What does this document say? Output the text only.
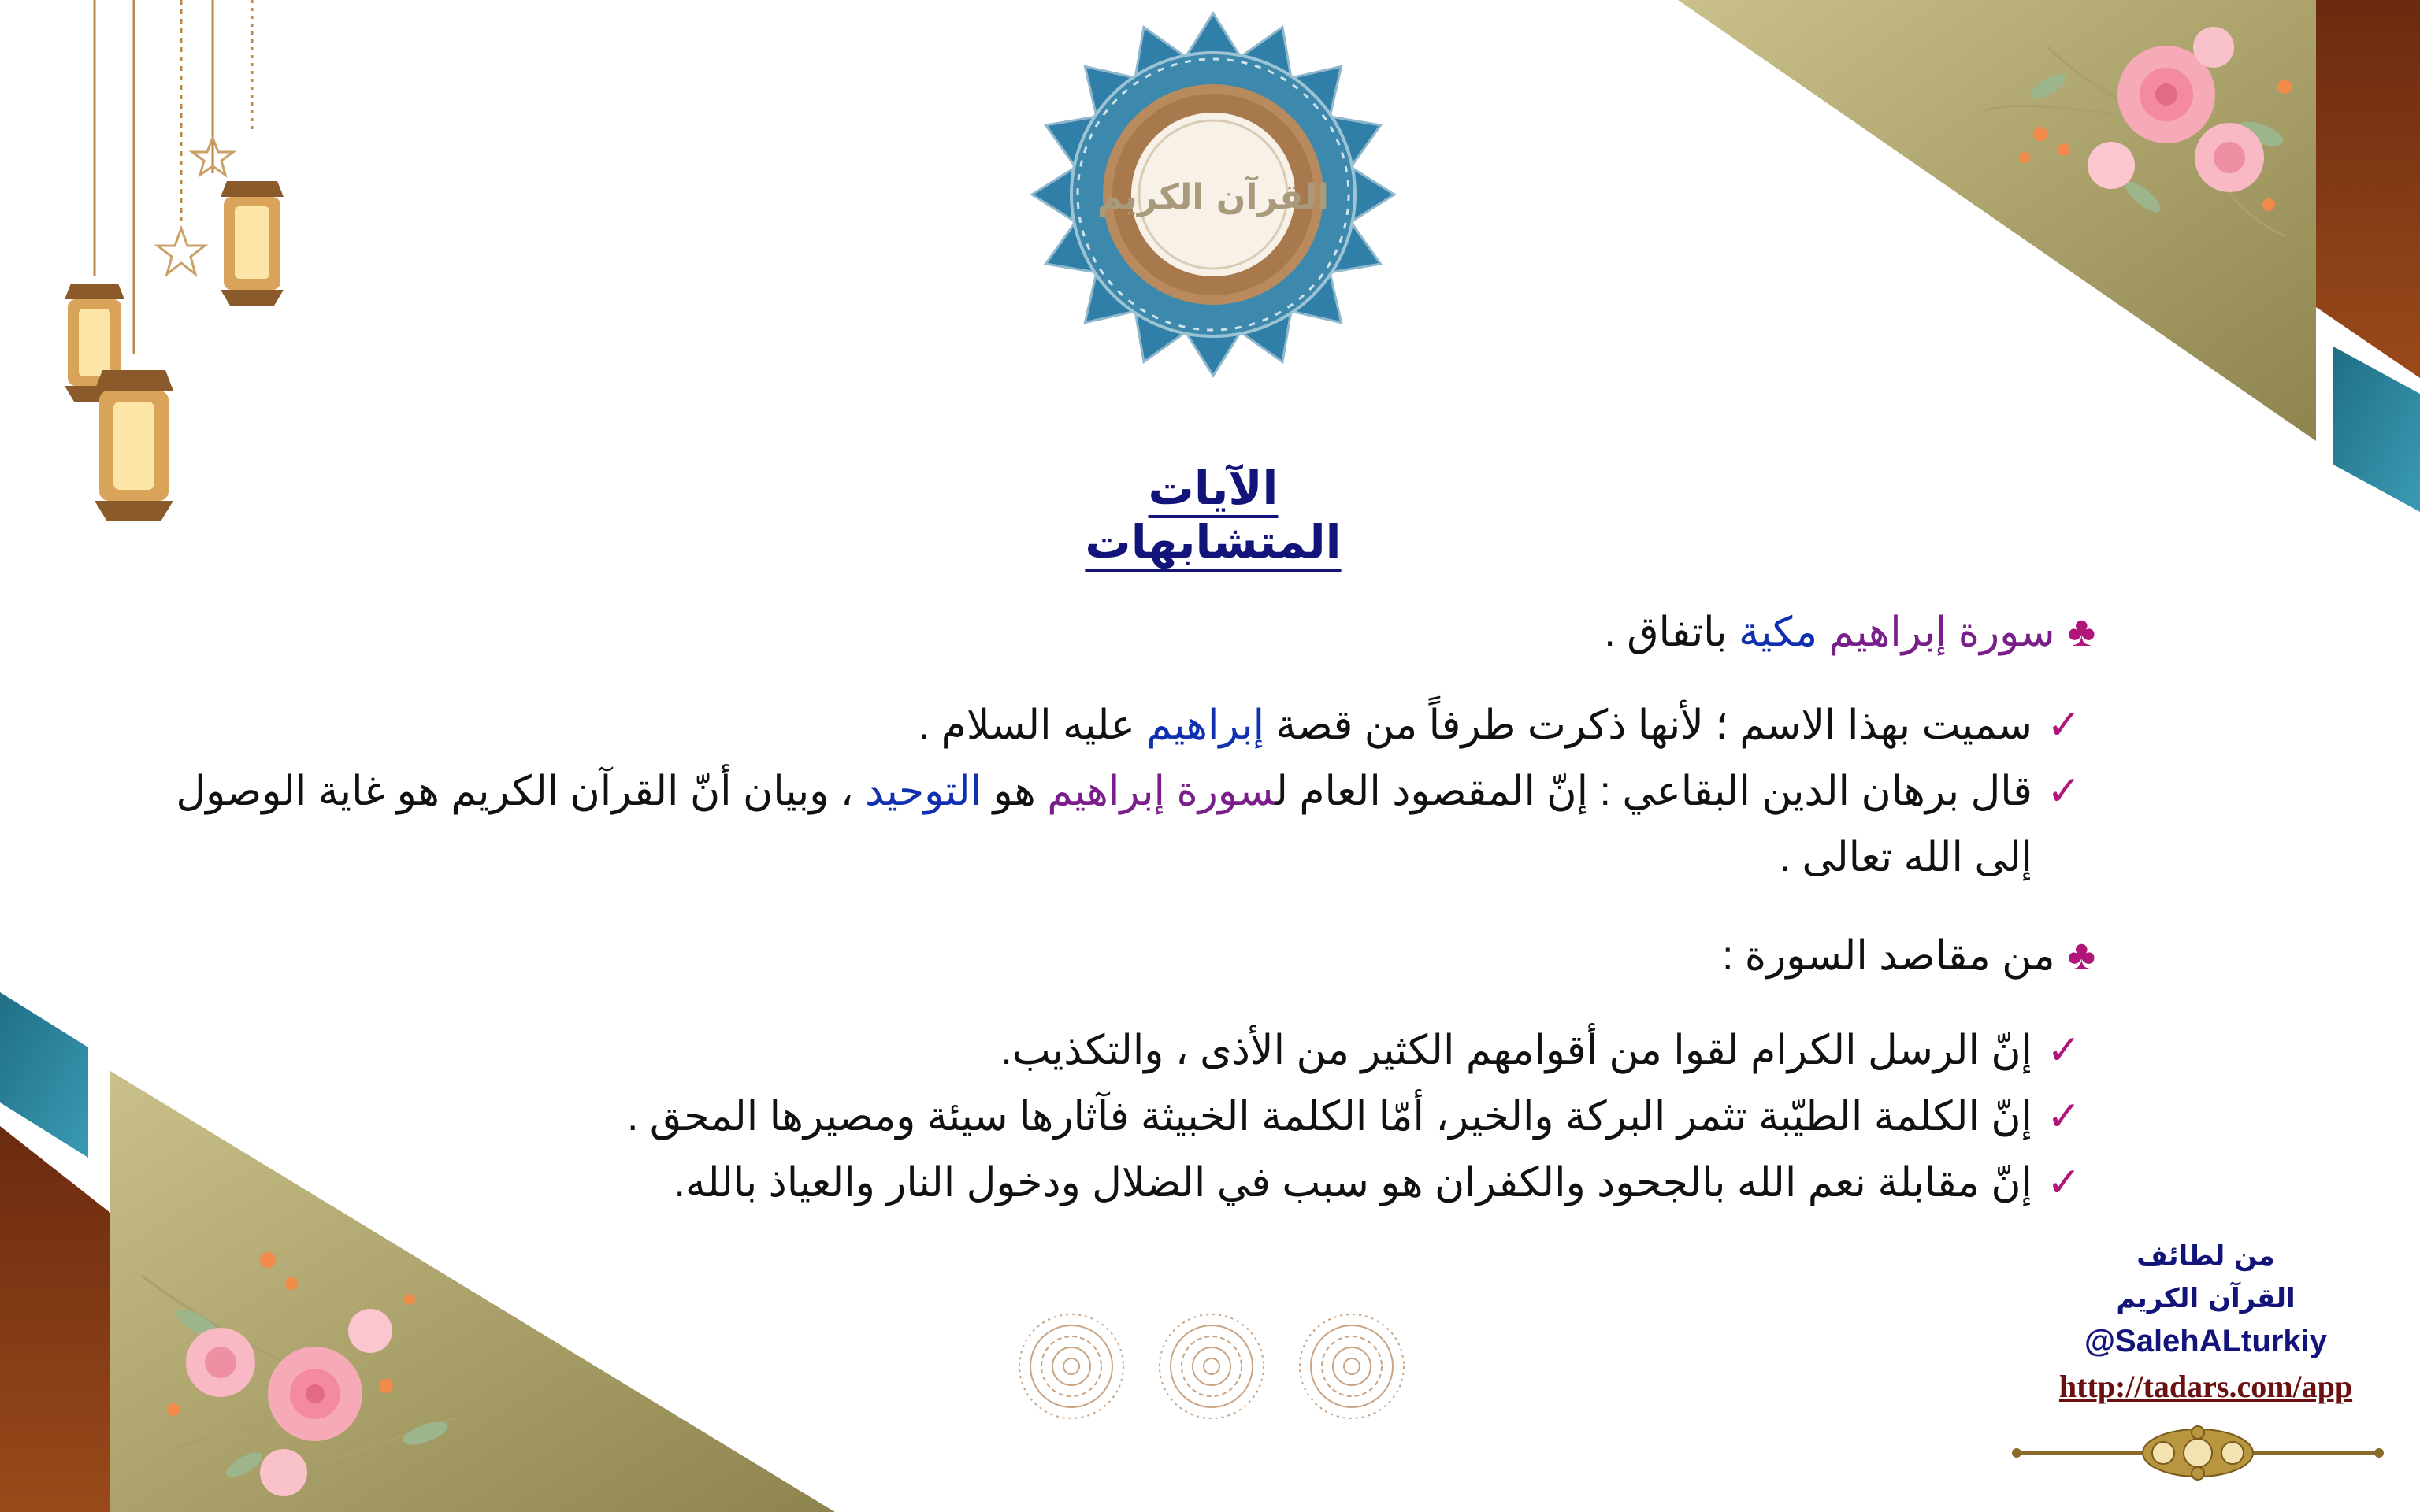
القرآن الكريم
الآيات المتشابهات
♣
سورة إبراهيم مكية باتفاق .
✓
سميت بهذا الاسم ؛ لأنها ذكرت طرفاً من قصة إبراهيم عليه السلام .
✓
قال برهان الدين البقاعي : إنّ المقصود العام لسورة إبراهيم هو التوحيد ، وبيان أنّ القرآن الكريم هو غاية الوصول إلى الله تعالى .
♣
من مقاصد السورة :
✓
إنّ الرسل الكرام لقوا من أقوامهم الكثير من الأذى ، والتكذيب.
✓
إنّ الكلمة الطيّبة تثمر البركة والخير، أمّا الكلمة الخبيثة فآثارها سيئة ومصيرها المحق .
✓
إنّ مقابلة نعم الله بالجحود والكفران هو سبب في الضلال ودخول النار والعياذ بالله.
من لطائف
القرآن الكريم
@SalehALturkiy
http://tadars.com/app
